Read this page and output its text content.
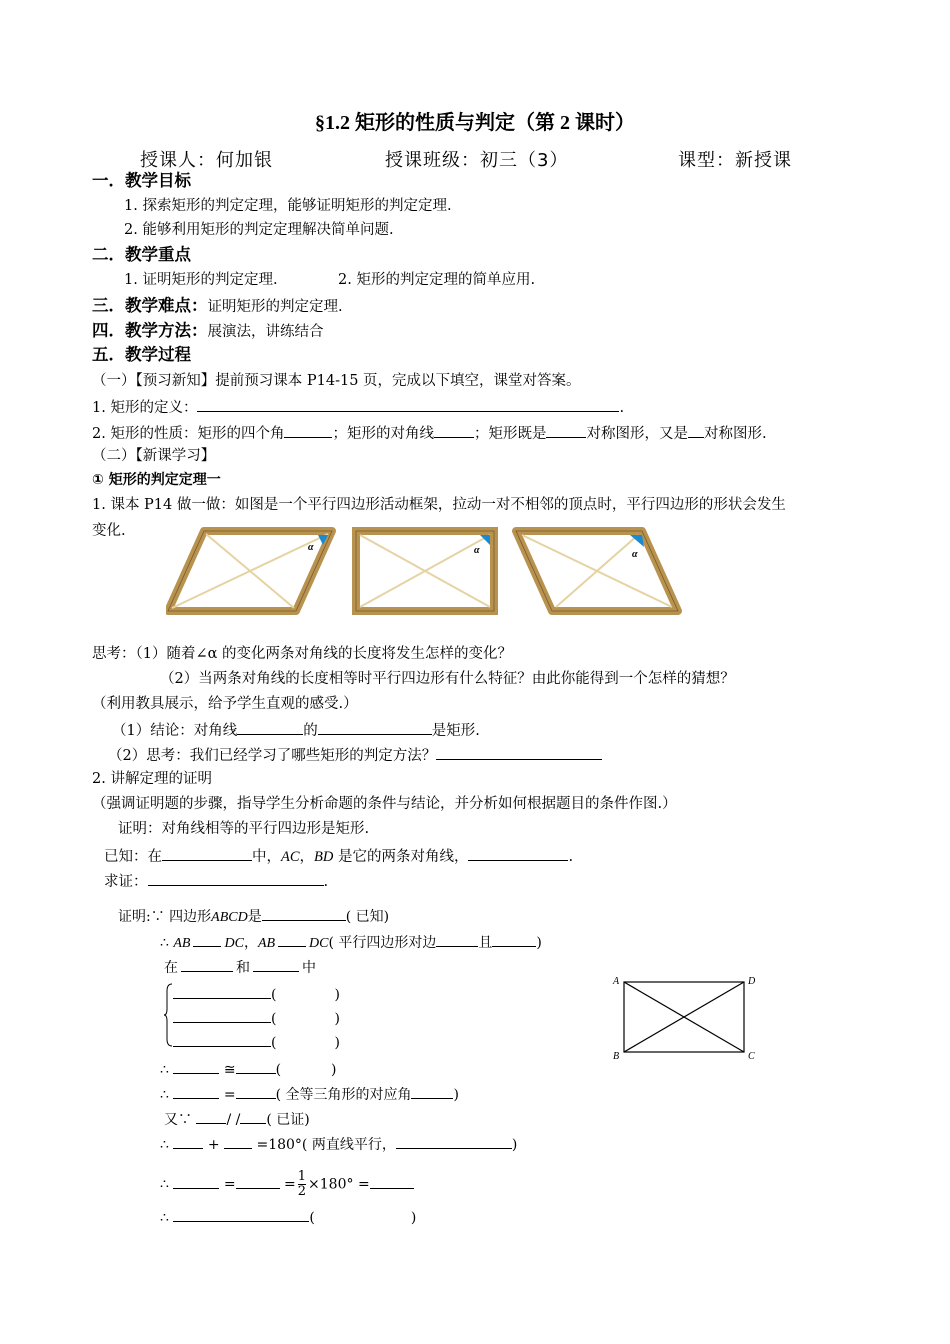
§1.2 矩形的性质与判定（第 2 课时）
授课人：何加银	授课班级：初三（3）	课型：新授课
一．教学目标
1. 探索矩形的判定定理，能够证明矩形的判定定理.
2. 能够利用矩形的判定定理解决简单问题.
二．教学重点
1. 证明矩形的判定定理.	2. 矩形的判定定理的简单应用.
三．教学难点：证明矩形的判定定理.
四．教学方法：展演法，讲练结合
五．教学过程
（一）【预习新知】提前预习课本 P14-15 页，完成以下填空，课堂对答案。
1. 矩形的定义：	.
2. 矩形的性质：矩形的四个角	；矩形的对角线	；矩形既是	对称图形，又是 对称图形.
（二）【新课学习】
① 矩形的判定定理一
1. 课本 P14 做一做：如图是一个平行四边形活动框架，拉动一对不相邻的顶点时，平行四边形的形状会发生
变化.
α	α	α
思考：（1）随着∠α 的变化两条对角线的长度将发生怎样的变化？
（2）当两条对角线的长度相等时平行四边形有什么特征？由此你能得到一个怎样的猜想？
（利用教具展示，给予学生直观的感受.）
（1）结论：对角线	的	是矩形.
（2）思考：我们已经学习了哪些矩形的判定方法？
2. 讲解定理的证明
（强调证明题的步骤，指导学生分析命题的条件与结论，并分析如何根据题目的条件作图.）
证明：对角线相等的平行四边形是矩形.
已知：在	中，AC，BD 是它的两条对角线，	.
求证：	.
证明:∵ 四边形ABCD是	( 已知)
∴ AB DC，AB DC( 平行四边形对边	且	)
在	和	中
(	)
(	)
(	)
∴	≅	(	)
∴	=	( 全等三角形的对应角	)
又∵ / / ( 已证)
∴	+	=180°( 两直线平行，	)
∴	=	= $\frac{1}{2} \times 180^\circ$ =
∴	(	)
A	D
B	C
